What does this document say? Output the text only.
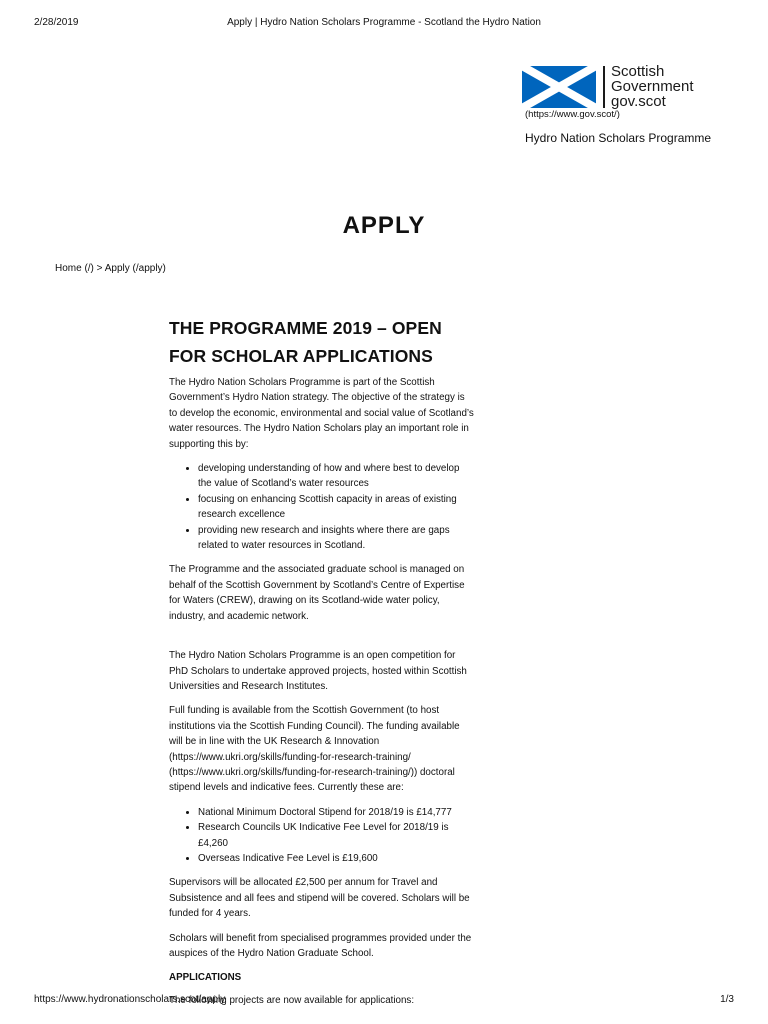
2/28/2019	Apply | Hydro Nation Scholars Programme - Scotland the Hydro Nation
Scottish
Government
gov.scot
(https://www.gov.scot/)
Hydro Nation Scholars Programme
APPLY
Home (/) > Apply (/apply)
THE PROGRAMME 2019 – OPEN FOR SCHOLAR APPLICATIONS

The Hydro Nation Scholars Programme is part of the Scottish Government’s Hydro Nation strategy. The objective of the strategy is to develop the economic, environmental and social value of Scotland’s water resources. The Hydro Nation Scholars play an important role in supporting this by:

• developing understanding of how and where best to develop the value of Scotland’s water resources
• focusing on enhancing Scottish capacity in areas of existing research excellence
• providing new research and insights where there are gaps related to water resources in Scotland.

The Programme and the associated graduate school is managed on behalf of the Scottish Government by Scotland’s Centre of Expertise for Waters (CREW), drawing on its Scotland-wide water policy, industry, and academic network.

The Hydro Nation Scholars Programme is an open competition for PhD Scholars to undertake approved projects, hosted within Scottish Universities and Research Institutes.

Full funding is available from the Scottish Government (to host institutions via the Scottish Funding Council). The funding available will be in line with the UK Research & Innovation (https://www.ukri.org/skills/funding-for-research-training/ (https://www.ukri.org/skills/funding-for-research-training/)) doctoral stipend levels and indicative fees. Currently these are:

• National Minimum Doctoral Stipend for 2018/19 is £14,777
• Research Councils UK Indicative Fee Level for 2018/19 is £4,260
• Overseas Indicative Fee Level is £19,600

Supervisors will be allocated £2,500 per annum for Travel and Subsistence and all fees and stipend will be covered. Scholars will be funded for 4 years.

Scholars will benefit from specialised programmes provided under the auspices of the Hydro Nation Graduate School.

APPLICATIONS

The following projects are now available for applications:

https://www.hydronationscholars.scot/apply	1/3
